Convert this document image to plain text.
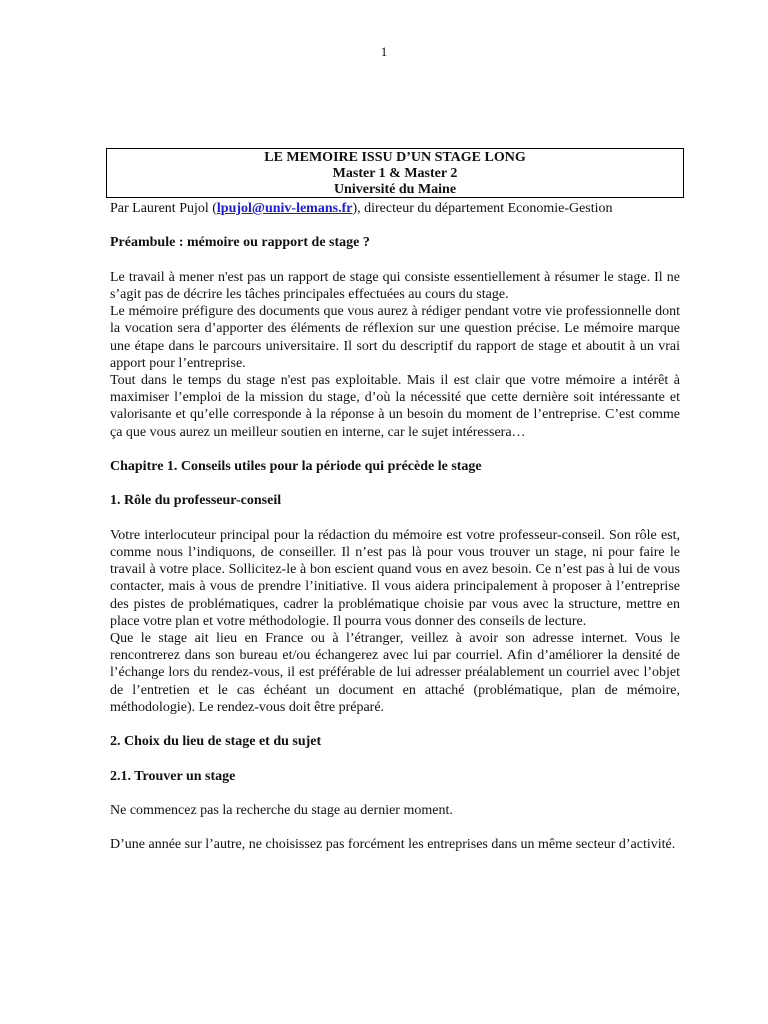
1
LE MEMOIRE ISSU D’UN STAGE LONG
Master 1 & Master 2
Université du Maine

Par Laurent Pujol (lpujol@univ-lemans.fr), directeur du département Economie-Gestion

Préambule : mémoire ou rapport de stage ?

Le travail à mener n'est pas un rapport de stage qui consiste essentiellement à résumer le stage. Il ne s’agit pas de décrire les tâches principales effectuées au cours du stage.

Le mémoire préfigure des documents que vous aurez à rédiger pendant votre vie professionnelle dont la vocation sera d’apporter des éléments de réflexion sur une question précise. Le mémoire marque une étape dans le parcours universitaire. Il sort du descriptif du rapport de stage et aboutit à un vrai apport pour l’entreprise.

Tout dans le temps du stage n'est pas exploitable. Mais il est clair que votre mémoire a intérêt à maximiser l’emploi de la mission du stage, d’où la nécessité que cette dernière soit intéressante et valorisante et qu’elle corresponde à la réponse à un besoin du moment de l’entreprise. C’est comme ça que vous aurez un meilleur soutien en interne, car le sujet intéressera…

Chapitre 1. Conseils utiles pour la période qui précède le stage

1. Rôle du professeur-conseil

Votre interlocuteur principal pour la rédaction du mémoire est votre professeur-conseil. Son rôle est, comme nous l’indiquons, de conseiller. Il n’est pas là pour vous trouver un stage, ni pour faire le travail à votre place. Sollicitez-le à bon escient quand vous en avez besoin. Ce n’est pas à lui de vous contacter, mais à vous de prendre l’initiative. Il vous aidera principalement à proposer à l’entreprise des pistes de problématiques, cadrer la problématique choisie par vous avec la structure, mettre en place votre plan et votre méthodologie. Il pourra vous donner des conseils de lecture.

Que le stage ait lieu en France ou à l’étranger, veillez à avoir son adresse internet. Vous le rencontrerez dans son bureau et/ou échangerez avec lui par courriel. Afin d’améliorer la densité de l’échange lors du rendez-vous, il est préférable de lui adresser préalablement un courriel avec l’objet de l’entretien et le cas échéant un document en attaché (problématique, plan de mémoire, méthodologie). Le rendez-vous doit être préparé.

2. Choix du lieu de stage et du sujet

2.1. Trouver un stage

Ne commencez pas la recherche du stage au dernier moment.

D’une année sur l’autre, ne choisissez pas forcément les entreprises dans un même secteur d’activité.
